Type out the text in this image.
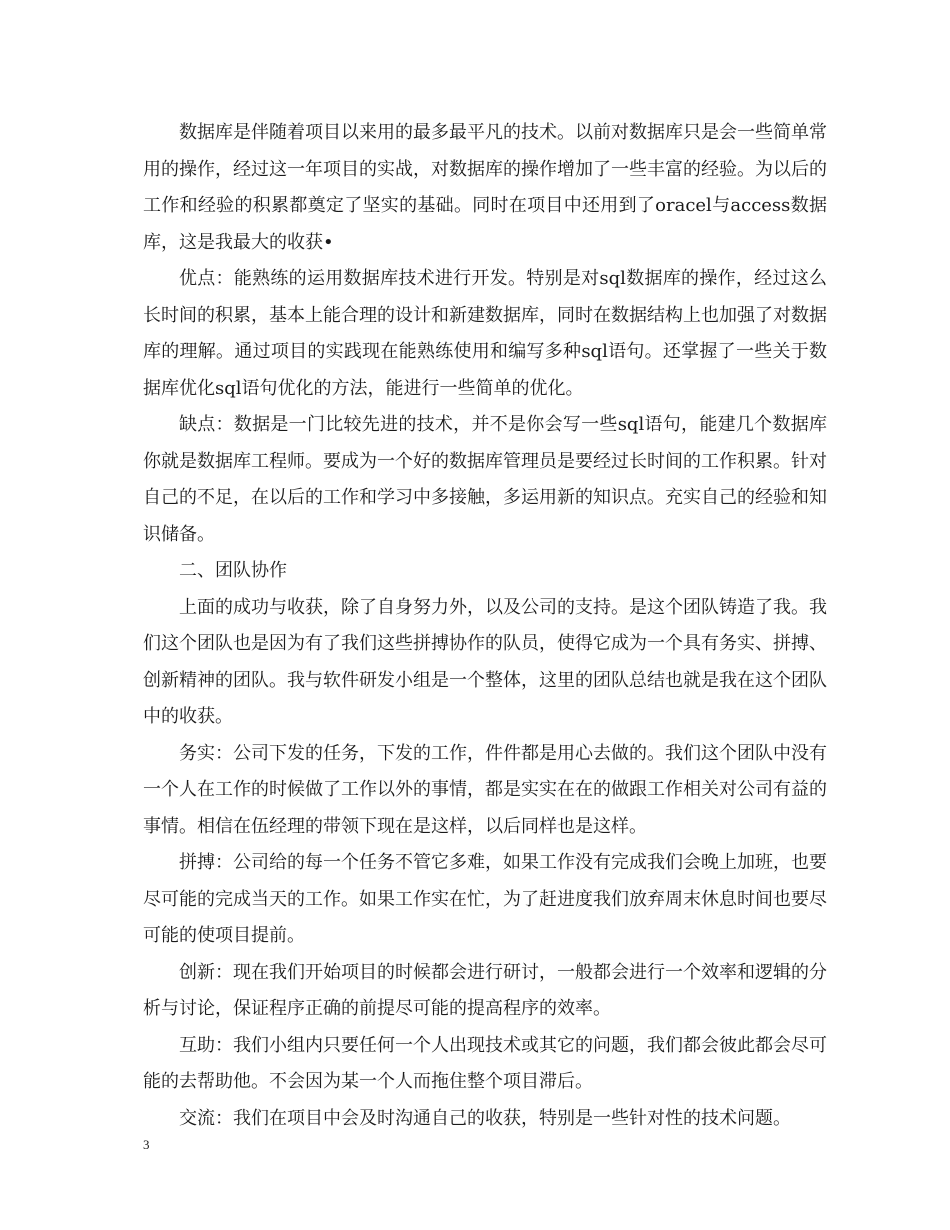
数据库是伴随着项目以来用的最多最平凡的技术。以前对数据库只是会一些简单常用的操作，经过这一年项目的实战，对数据库的操作增加了一些丰富的经验。为以后的工作和经验的积累都奠定了坚实的基础。同时在项目中还用到了oracel与access数据库，这是我最大的收获•

优点：能熟练的运用数据库技术进行开发。特别是对sql数据库的操作，经过这么长时间的积累，基本上能合理的设计和新建数据库，同时在数据结构上也加强了对数据库的理解。通过项目的实践现在能熟练使用和编写多种sql语句。还掌握了一些关于数据库优化sql语句优化的方法，能进行一些简单的优化。

缺点：数据是一门比较先进的技术，并不是你会写一些sql语句，能建几个数据库你就是数据库工程师。要成为一个好的数据库管理员是要经过长时间的工作积累。针对自己的不足，在以后的工作和学习中多接触，多运用新的知识点。充实自己的经验和知识储备。

二、团队协作

上面的成功与收获，除了自身努力外，以及公司的支持。是这个团队铸造了我。我们这个团队也是因为有了我们这些拼搏协作的队员，使得它成为一个具有务实、拼搏、创新精神的团队。我与软件研发小组是一个整体，这里的团队总结也就是我在这个团队中的收获。

务实：公司下发的任务，下发的工作，件件都是用心去做的。我们这个团队中没有一个人在工作的时候做了工作以外的事情，都是实实在在的做跟工作相关对公司有益的事情。相信在伍经理的带领下现在是这样，以后同样也是这样。

拼搏：公司给的每一个任务不管它多难，如果工作没有完成我们会晚上加班，也要尽可能的完成当天的工作。如果工作实在忙，为了赶进度我们放弃周末休息时间也要尽可能的使项目提前。

创新：现在我们开始项目的时候都会进行研讨，一般都会进行一个效率和逻辑的分析与讨论，保证程序正确的前提尽可能的提高程序的效率。

互助：我们小组内只要任何一个人出现技术或其它的问题，我们都会彼此都会尽可能的去帮助他。不会因为某一个人而拖住整个项目滞后。

交流：我们在项目中会及时沟通自己的收获，特别是一些针对性的技术问题。

3
